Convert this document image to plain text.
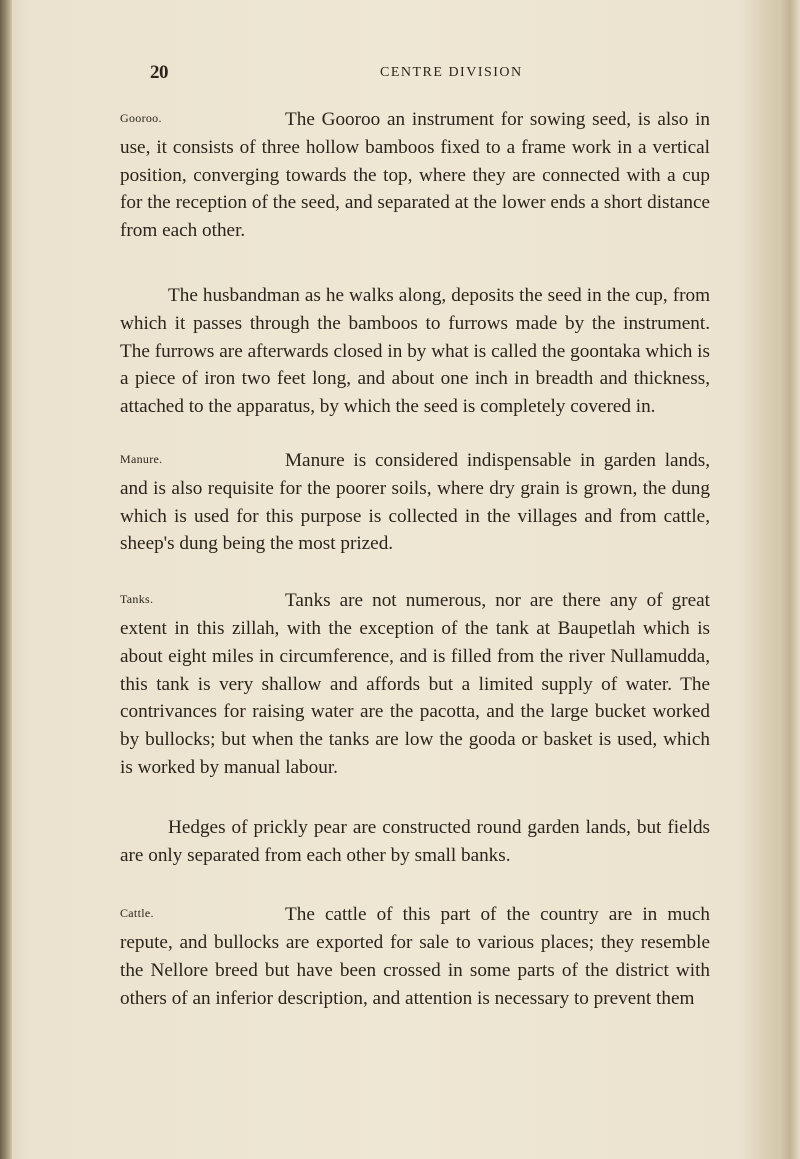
20	CENTRE DIVISION

Gooroo.	The Gooroo an instrument for sowing seed, is also in use, it consists of three hollow bamboos fixed to a frame work in a vertical position, converging towards the top, where they are connected with a cup for the reception of the seed, and separated at the lower ends a short distance from each other.

The husbandman as he walks along, deposits the seed in the cup, from which it passes through the bamboos to furrows made by the instrument. The furrows are afterwards closed in by what is called the goontaka which is a piece of iron two feet long, and about one inch in breadth and thickness, attached to the apparatus, by which the seed is completely covered in.

Manure.	Manure is considered indispensable in garden lands, and is also requisite for the poorer soils, where dry grain is grown, the dung which is used for this purpose is collected in the villages and from cattle, sheep's dung being the most prized.

Tanks.	Tanks are not numerous, nor are there any of great extent in this zillah, with the exception of the tank at Baupetlah which is about eight miles in circumference, and is filled from the river Nullamudda, this tank is very shallow and affords but a limited supply of water. The contrivances for raising water are the pacotta, and the large bucket worked by bullocks; but when the tanks are low the gooda or basket is used, which is worked by manual labour.

Hedges of prickly pear are constructed round garden lands, but fields are only separated from each other by small banks.

Cattle.	The cattle of this part of the country are in much repute, and bullocks are exported for sale to various places; they resemble the Nellore breed but have been crossed in some parts of the district with others of an inferior description, and attention is necessary to prevent them
